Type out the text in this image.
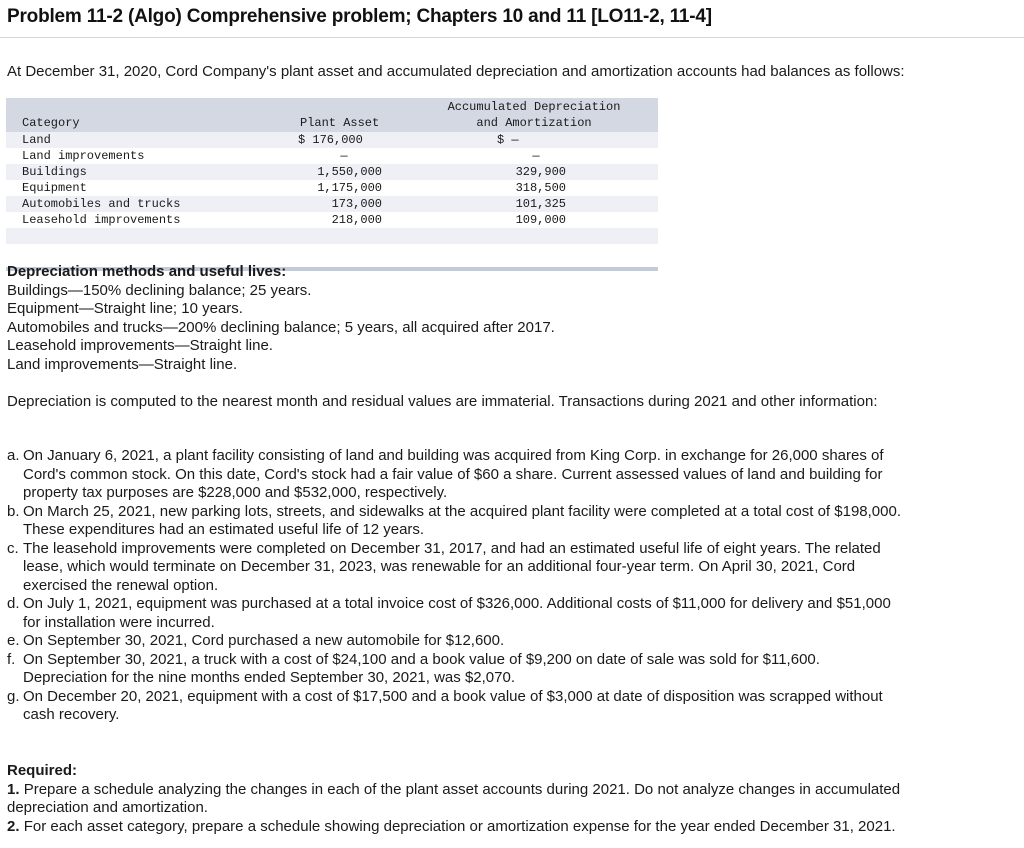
Problem 11-2 (Algo) Comprehensive problem; Chapters 10 and 11 [LO11-2, 11-4]
At December 31, 2020, Cord Company's plant asset and accumulated depreciation and amortization accounts had balances as follows:
Category	Plant Asset
Accumulated Depreciation
and Amortization
Land	$ 176,000	$ —
Land improvements	—	—
Buildings	1,550,000	329,900
Equipment	1,175,000	318,500
Automobiles and trucks	173,000	101,325
Leasehold improvements	218,000	109,000
Depreciation methods and useful lives:
Buildings—150% declining balance; 25 years.
Equipment—Straight line; 10 years.
Automobiles and trucks—200% declining balance; 5 years, all acquired after 2017.
Leasehold improvements—Straight line.
Land improvements—Straight line.
Depreciation is computed to the nearest month and residual values are immaterial. Transactions during 2021 and other information:
a. On January 6, 2021, a plant facility consisting of land and building was acquired from King Corp. in exchange for 26,000 shares of
Cord's common stock. On this date, Cord's stock had a fair value of $60 a share. Current assessed values of land and building for
property tax purposes are $228,000 and $532,000, respectively.
b. On March 25, 2021, new parking lots, streets, and sidewalks at the acquired plant facility were completed at a total cost of $198,000.
These expenditures had an estimated useful life of 12 years.
c. The leasehold improvements were completed on December 31, 2017, and had an estimated useful life of eight years. The related
lease, which would terminate on December 31, 2023, was renewable for an additional four-year term. On April 30, 2021, Cord
exercised the renewal option.
d. On July 1, 2021, equipment was purchased at a total invoice cost of $326,000. Additional costs of $11,000 for delivery and $51,000
for installation were incurred.
e. On September 30, 2021, Cord purchased a new automobile for $12,600.
f. On September 30, 2021, a truck with a cost of $24,100 and a book value of $9,200 on date of sale was sold for $11,600.
Depreciation for the nine months ended September 30, 2021, was $2,070.
g. On December 20, 2021, equipment with a cost of $17,500 and a book value of $3,000 at date of disposition was scrapped without
cash recovery.
Required:
1. Prepare a schedule analyzing the changes in each of the plant asset accounts during 2021. Do not analyze changes in accumulated
depreciation and amortization.
2. For each asset category, prepare a schedule showing depreciation or amortization expense for the year ended December 31, 2021.
